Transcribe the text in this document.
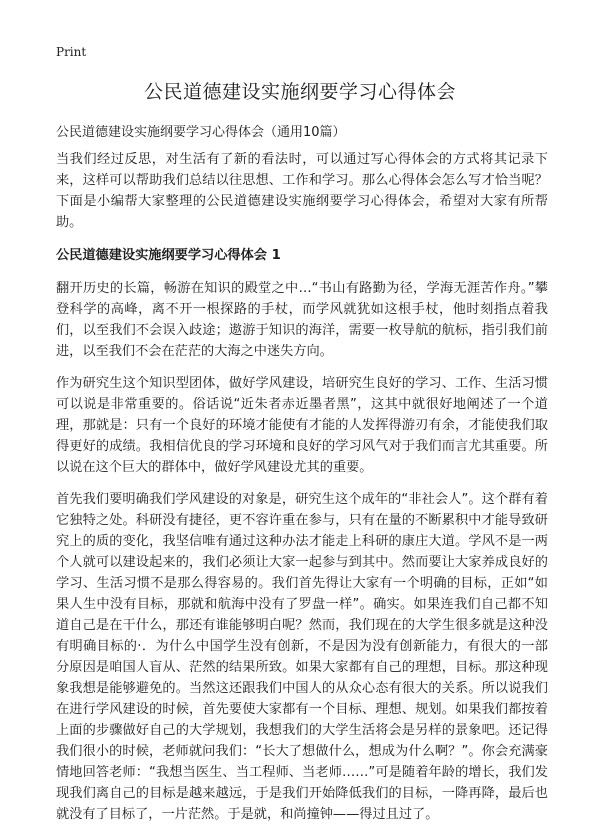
Print
公民道德建设实施纲要学习心得体会

公民道德建设实施纲要学习心得体会（通用10篇）

当我们经过反思，对生活有了新的看法时，可以通过写心得体会的方式将其记录下来，这样可以帮助我们总结以往思想、工作和学习。那么心得体会怎么写才恰当呢？下面是小编帮大家整理的公民道德建设实施纲要学习心得体会，希望对大家有所帮助。

公民道德建设实施纲要学习心得体会 1

翻开历史的长篇，畅游在知识的殿堂之中…“书山有路勤为径，学海无涯苦作舟。”攀登科学的高峰，离不开一根探路的手杖，而学风就犹如这根手杖，他时刻指点着我们，以至我们不会误入歧途；遨游于知识的海洋，需要一枚导航的航标，指引我们前进，以至我们不会在茫茫的大海之中迷失方向。

作为研究生这个知识型团体，做好学风建设，培研究生良好的学习、工作、生活习惯可以说是非常重要的。俗话说“近朱者赤近墨者黑”，这其中就很好地阐述了一个道理，那就是：只有一个良好的环境才能使有才能的人发挥得游刃有余，才能使我们取得更好的成绩。我相信优良的学习环境和良好的学习风气对于我们而言尤其重要。所以说在这个巨大的群体中，做好学风建设尤其的重要。

首先我们要明确我们学风建设的对象是，研究生这个成年的“非社会人”。这个群有着它独特之处。科研没有捷径，更不容许重在参与，只有在量的不断累积中才能导致研究上的质的变化，我坚信唯有通过这种办法才能走上科研的康庄大道。学风不是一两个人就可以建设起来的，我们必须让大家一起参与到其中。然而要让大家养成良好的学习、生活习惯不是那么得容易的。我们首先得让大家有一个明确的目标，正如“如果人生中没有目标，那就和航海中没有了罗盘一样”。确实。如果连我们自己都不知道自己是在干什么，那还有谁能够明白呢？然而，我们现在的大学生很多就是这种没有明确目标的·．为什么中国学生没有创新，不是因为没有创新能力，有很大的一部分原因是咱国人盲从、茫然的结果所致。如果大家都有自己的理想，目标。那这种现象我想是能够避免的。当然这还跟我们中国人的从众心态有很大的关系。所以说我们在进行学风建设的时候，首先要使大家都有一个目标、理想、规划。如果我们都按着上面的步骤做好自己的大学规划，我想我们的大学生活将会是另样的景象吧。还记得我们很小的时候，老师就问我们：“长大了想做什么，想成为什么啊？”。你会充满豪情地回答老师：“我想当医生、当工程师、当老师……”可是随着年龄的增长，我们发现我们离自己的目标是越来越远，于是我们开始降低我们的目标，一降再降，最后也就没有了目标了，一片茫然。于是就，和尚撞钟——得过且过了。
